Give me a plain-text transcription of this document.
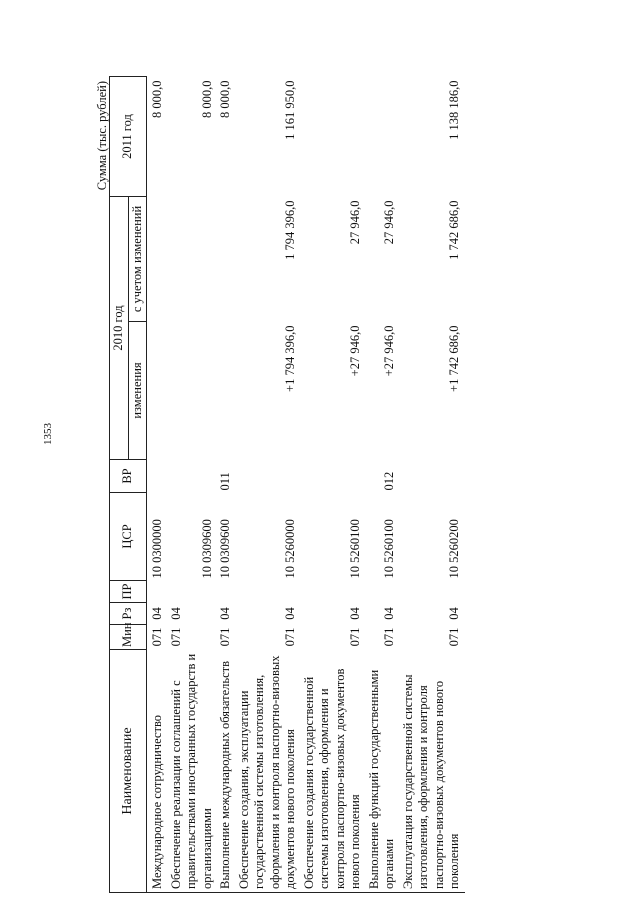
1353
Сумма (тыс. рублей)
Наименование	Мин	Рз	ПР	ЦСР	ВР	2010 год		2011 год
						изменения	с учетом изменений	
Международное сотрудничество	071	04		10 0300000				8 000,0
Обеспечение реализации соглашений с правительствами иностранных государств и организациями	071	04		10 0309600				8 000,0
Выполнение международных обязательств	071	04		10 0309600	011			8 000,0
Обеспечение создания, эксплуатации государственной системы изготовления, оформления и контроля паспортно-визовых документов нового поколения	071	04		10 5260000		+1 794 396,0	1 794 396,0	1 161 950,0
Обеспечение создания государственной системы изготовления, оформления и контроля паспортно-визовых документов нового поколения	071	04		10 5260100		+27 946,0	27 946,0	
Выполнение функций государственными органами	071	04		10 5260100	012	+27 946,0	27 946,0	
Эксплуатация государственной системы изготовления, оформления и контроля паспортно-визовых документов нового поколения	071	04		10 5260200		+1 742 686,0	1 742 686,0	1 138 186,0
